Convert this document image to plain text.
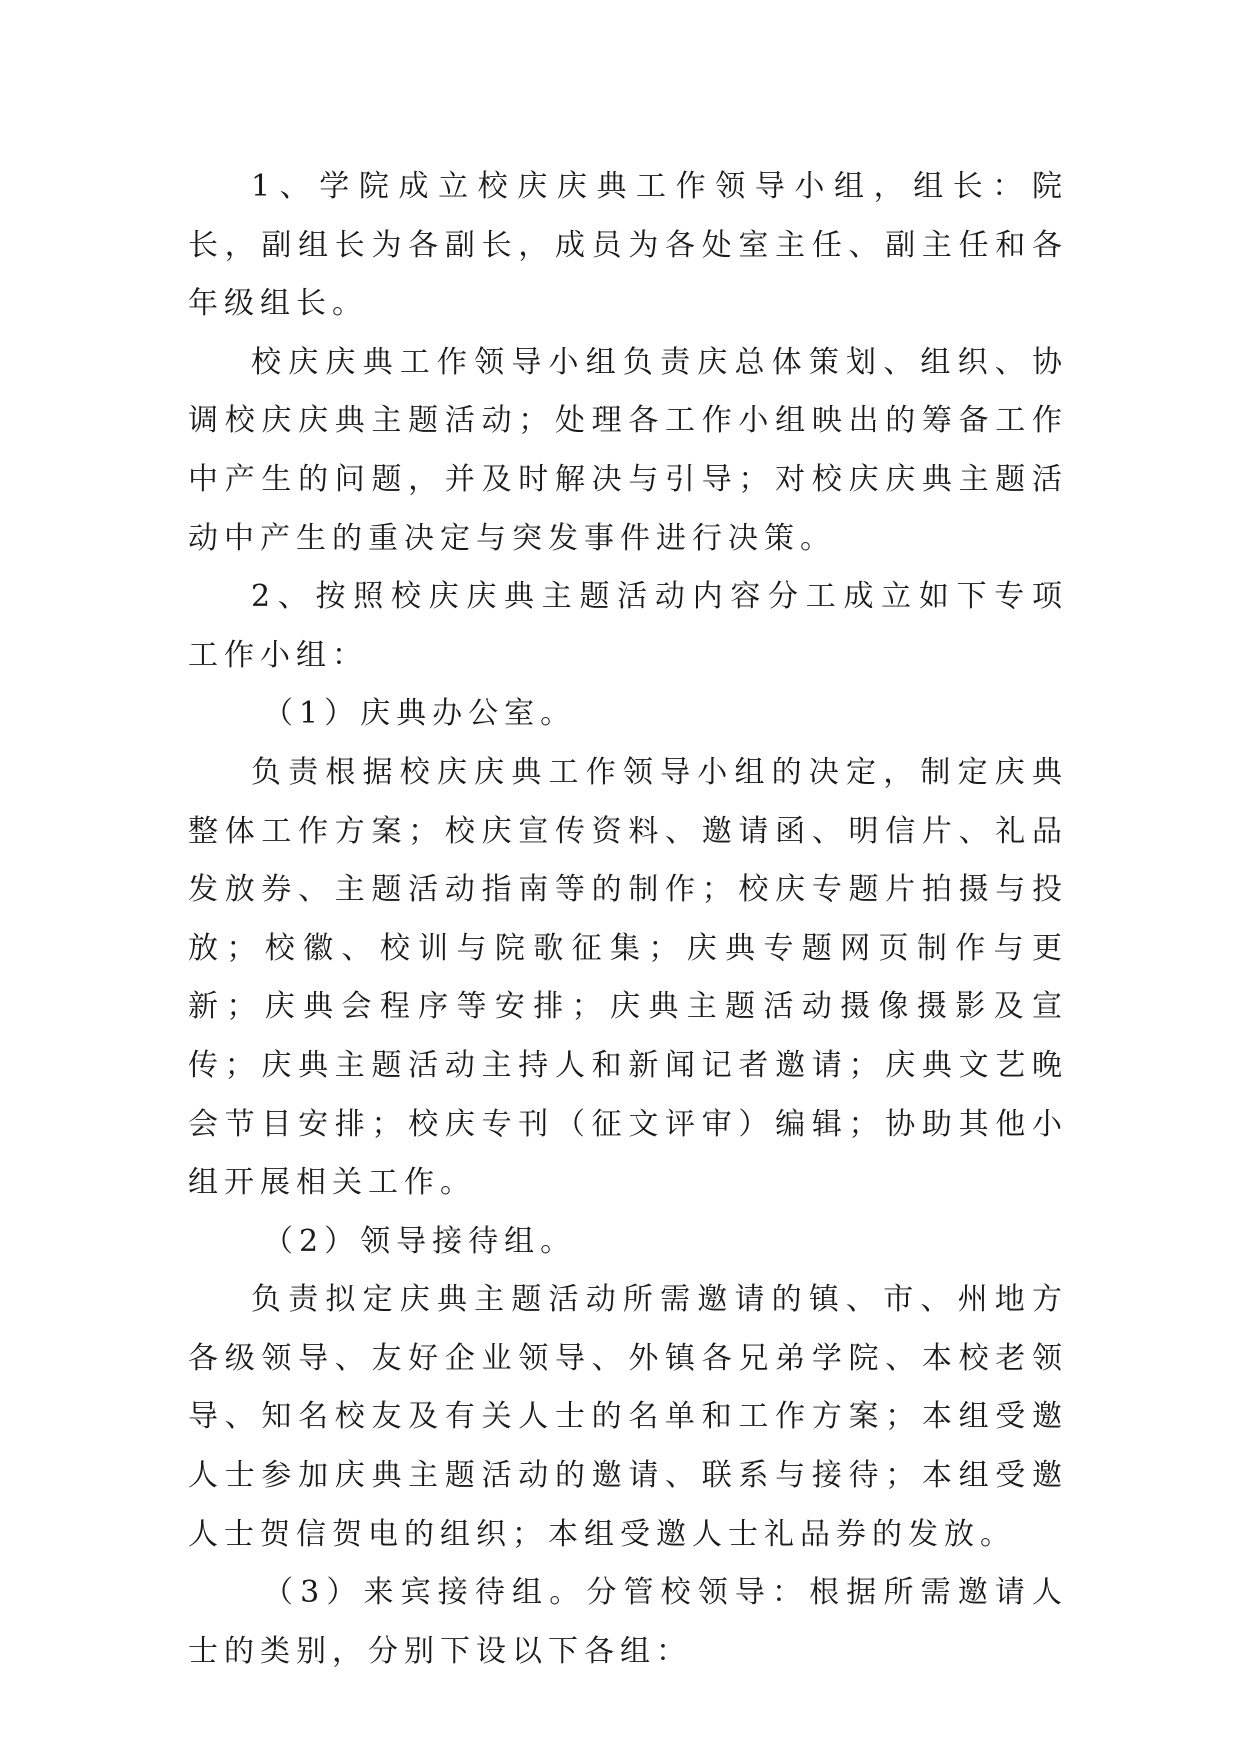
1、学院成立校庆庆典工作领导小组，组长：院长，副组长为各副长，成员为各处室主任、副主任和各年级组长。

校庆庆典工作领导小组负责庆总体策划、组织、协调校庆庆典主题活动；处理各工作小组映出的筹备工作中产生的问题，并及时解决与引导；对校庆庆典主题活动中产生的重决定与突发事件进行决策。

2、按照校庆庆典主题活动内容分工成立如下专项工作小组：

（1）庆典办公室。

负责根据校庆庆典工作领导小组的决定，制定庆典整体工作方案；校庆宣传资料、邀请函、明信片、礼品发放券、主题活动指南等的制作；校庆专题片拍摄与投放；校徽、校训与院歌征集；庆典专题网页制作与更新；庆典会程序等安排；庆典主题活动摄像摄影及宣传；庆典主题活动主持人和新闻记者邀请；庆典文艺晚会节目安排；校庆专刊（征文评审）编辑；协助其他小组开展相关工作。

（2）领导接待组。

负责拟定庆典主题活动所需邀请的镇、市、州地方各级领导、友好企业领导、外镇各兄弟学院、本校老领导、知名校友及有关人士的名单和工作方案；本组受邀人士参加庆典主题活动的邀请、联系与接待；本组受邀人士贺信贺电的组织；本组受邀人士礼品券的发放。

（3）来宾接待组。分管校领导：根据所需邀请人士的类别，分别下设以下各组：
